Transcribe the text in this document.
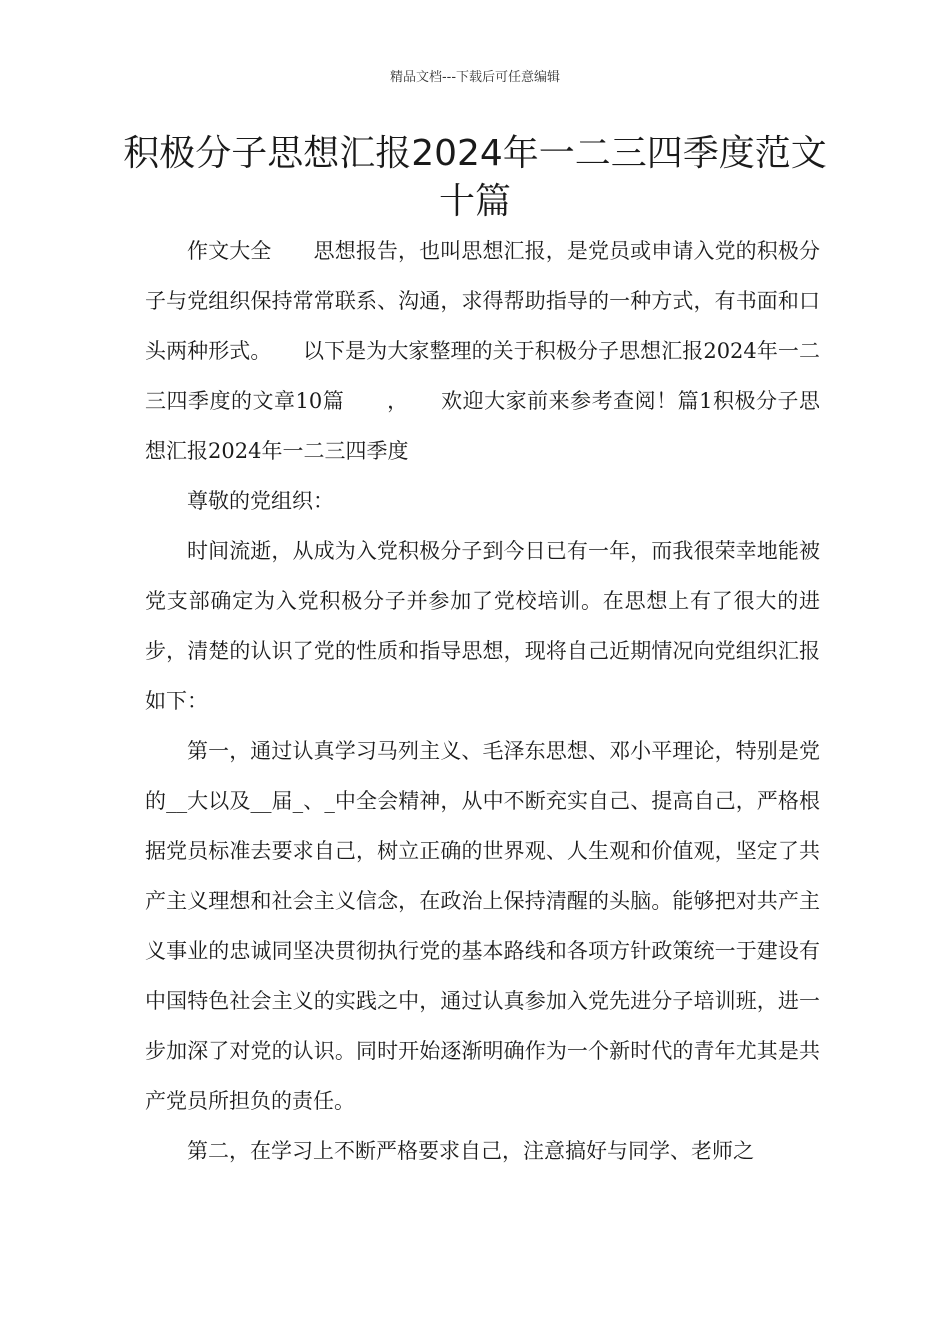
精品文档---下载后可任意编辑
积极分子思想汇报2024年一二三四季度范文十篇

作文大全　　思想报告，也叫思想汇报，是党员或申请入党的积极分子与党组织保持常常联系、沟通，求得帮助指导的一种方式，有书面和口头两种形式。　　以下是为大家整理的关于积极分子思想汇报2024年一二三四季度的文章10篇　　，　　欢迎大家前来参考查阅！篇1积极分子思想汇报2024年一二三四季度

尊敬的党组织：

时间流逝，从成为入党积极分子到今日已有一年，而我很荣幸地能被党支部确定为入党积极分子并参加了党校培训。在思想上有了很大的进步，清楚的认识了党的性质和指导思想，现将自己近期情况向党组织汇报如下：

第一，通过认真学习马列主义、毛泽东思想、邓小平理论，特别是党的__大以及__届_、_中全会精神，从中不断充实自己、提高自己，严格根据党员标准去要求自己，树立正确的世界观、人生观和价值观，坚定了共产主义理想和社会主义信念，在政治上保持清醒的头脑。能够把对共产主义事业的忠诚同坚决贯彻执行党的基本路线和各项方针政策统一于建设有中国特色社会主义的实践之中，通过认真参加入党先进分子培训班，进一步加深了对党的认识。同时开始逐渐明确作为一个新时代的青年尤其是共产党员所担负的责任。

第二，在学习上不断严格要求自己，注意搞好与同学、老师之
